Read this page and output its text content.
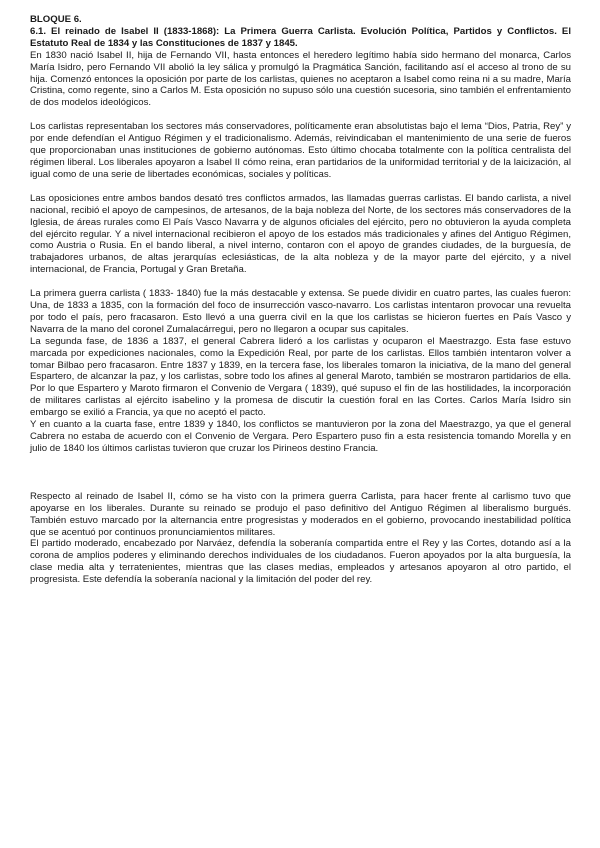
BLOQUE 6.

6.1. El reinado de Isabel II (1833-1868): La Primera Guerra Carlista. Evolución Política, Partidos y Conflictos. El Estatuto Real de 1834 y las Constituciones de 1837 y 1845.

En 1830 nació Isabel II, hija de Fernando VII, hasta entonces el heredero legítimo había sido hermano del monarca, Carlos María Isidro, pero Fernando VII abolió la ley sálica y promulgó la Pragmática Sanción, facilitando así el acceso al trono de su hija. Comenzó entonces la oposición por parte de los carlistas, quienes no aceptaron a Isabel como reina ni a su madre, María Cristina, como regente, sino a Carlos M. Esta oposición no supuso sólo una cuestión sucesoria, sino también el enfrentamiento de dos modelos ideológicos.

Los carlistas representaban los sectores más conservadores, políticamente eran absolutistas bajo el lema “Dios, Patria, Rey” y por ende defendían el Antiguo Régimen y el tradicionalismo. Además, reivindicaban el mantenimiento de una serie de fueros que proporcionaban unas instituciones de gobierno autónomas. Esto último chocaba totalmente con la política centralista del régimen liberal. Los liberales apoyaron a Isabel II cómo reina, eran partidarios de la uniformidad territorial y de la laicización, al igual como de una serie de libertades económicas, sociales y políticas.

Las oposiciones entre ambos bandos desató tres conflictos armados, las llamadas guerras carlistas. El bando carlista, a nivel nacional, recibió el apoyo de campesinos, de artesanos, de la baja nobleza del Norte, de los sectores más conservadores de la Iglesia, de áreas rurales como El País Vasco Navarra y de algunos oficiales del ejército, pero no obtuvieron la ayuda completa del ejército regular. Y a nivel internacional recibieron el apoyo de los estados más tradicionales y afines del Antiguo Régimen, como Austria o Rusia. En el bando liberal, a nivel interno, contaron con el apoyo de grandes ciudades, de la burguesía, de trabajadores urbanos, de altas jerarquías eclesiásticas, de la alta nobleza y de la mayor parte del ejército, y a nivel internacional, de Francia, Portugal y Gran Bretaña.

La primera guerra carlista ( 1833- 1840) fue la más destacable y extensa. Se puede dividir en cuatro partes, las cuales fueron: Una, de 1833 a 1835, con la formación del foco de insurrección vasco-navarro. Los carlistas intentaron provocar una revuelta por todo el país, pero fracasaron. Esto llevó a una guerra civil en la que los carlistas se hicieron fuertes en País Vasco y Navarra de la mano del coronel Zumalacárregui, pero no llegaron a ocupar sus capitales.

La segunda fase, de 1836 a 1837, el general Cabrera lideró a los carlistas y ocuparon el Maestrazgo. Esta fase estuvo marcada por expediciones nacionales, como la Expedición Real, por parte de los carlistas. Ellos también intentaron volver a tomar Bilbao pero fracasaron. Entre 1837 y 1839, en la tercera fase, los liberales tomaron la iniciativa, de la mano del general Espartero, de alcanzar la paz, y los carlistas, sobre todo los afines al general Maroto, también se mostraron partidarios de ella. Por lo que Espartero y Maroto firmaron el Convenio de Vergara ( 1839), qué supuso el fin de las hostilidades, la incorporación de militares carlistas al ejército isabelino y la promesa de discutir la cuestión foral en las Cortes. Carlos María Isidro sin embargo se exilió a Francia, ya que no aceptó el pacto.

Y en cuanto a la cuarta fase, entre 1839 y 1840, los conflictos se mantuvieron por la zona del Maestrazgo, ya que el general Cabrera no estaba de acuerdo con el Convenio de Vergara. Pero Espartero puso fin a esta resistencia tomando Morella y en julio de 1840 los últimos carlistas tuvieron que cruzar los Pirineos destino Francia.

Respecto al reinado de Isabel II, cómo se ha visto con la primera guerra Carlista, para hacer frente al carlismo tuvo que apoyarse en los liberales. Durante su reinado se produjo el paso definitivo del Antiguo Régimen al liberalismo burgués. También estuvo marcado por la alternancia entre progresistas y moderados en el gobierno, provocando inestabilidad política que se acentuó por continuos pronunciamientos militares.

El partido moderado, encabezado por Narváez, defendía la soberanía compartida entre el Rey y las Cortes, dotando así a la corona de amplios poderes y eliminando derechos individuales de los ciudadanos. Fueron apoyados por la alta burguesía, la clase media alta y terratenientes, mientras que las clases medias, empleados y artesanos apoyaron al otro partido, el progresista. Este defendía la soberanía nacional y la limitación del poder del rey.
